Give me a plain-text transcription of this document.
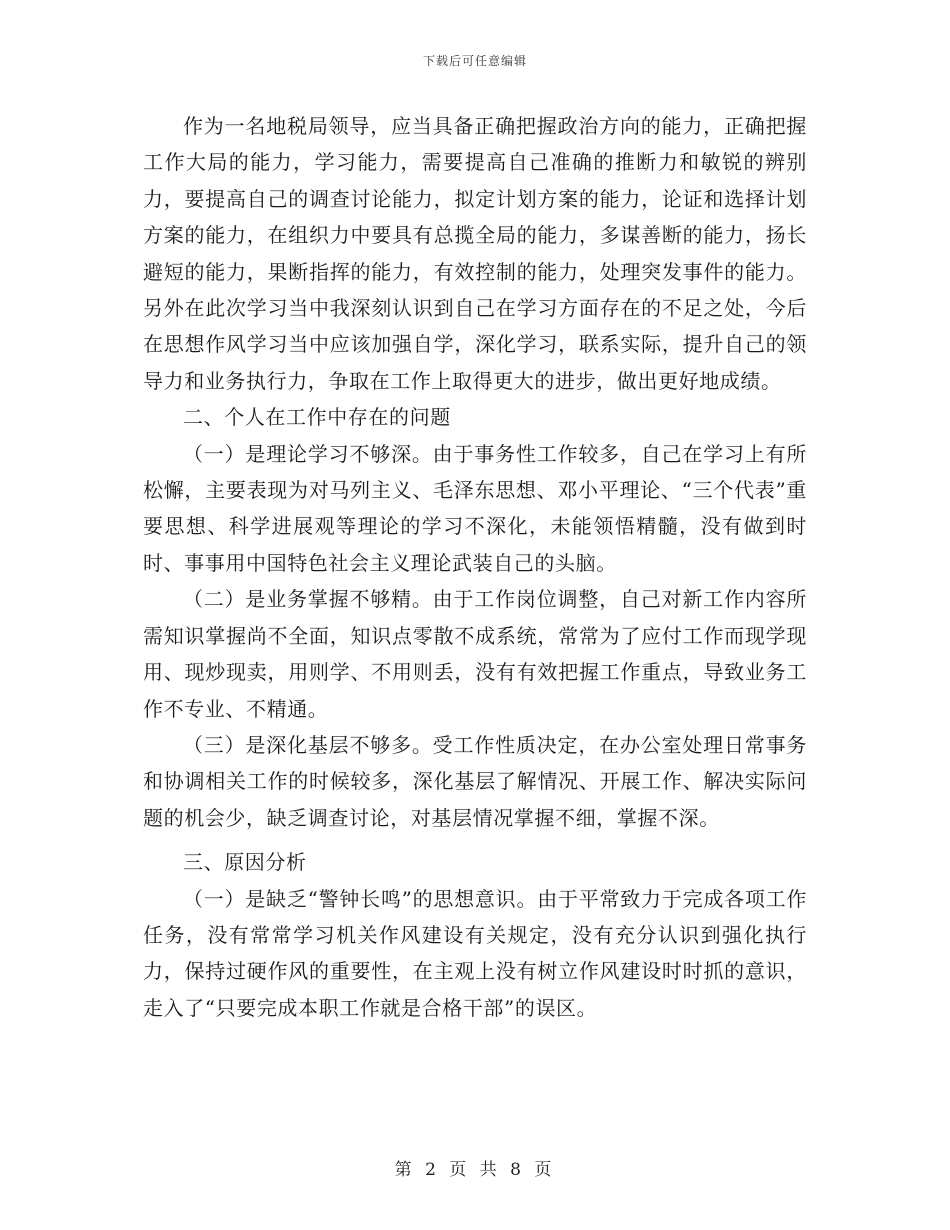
下载后可任意编辑

作为一名地税局领导，应当具备正确把握政治方向的能力，正确把握工作大局的能力，学习能力，需要提高自己准确的推断力和敏锐的辨别力，要提高自己的调查讨论能力，拟定计划方案的能力，论证和选择计划方案的能力，在组织力中要具有总揽全局的能力，多谋善断的能力，扬长避短的能力，果断指挥的能力，有效控制的能力，处理突发事件的能力。另外在此次学习当中我深刻认识到自己在学习方面存在的不足之处，今后在思想作风学习当中应该加强自学，深化学习，联系实际，提升自己的领导力和业务执行力，争取在工作上取得更大的进步，做出更好地成绩。

二、个人在工作中存在的问题

（一）是理论学习不够深。由于事务性工作较多，自己在学习上有所松懈，主要表现为对马列主义、毛泽东思想、邓小平理论、“三个代表”重要思想、科学进展观等理论的学习不深化，未能领悟精髓，没有做到时时、事事用中国特色社会主义理论武装自己的头脑。

（二）是业务掌握不够精。由于工作岗位调整，自己对新工作内容所需知识掌握尚不全面，知识点零散不成系统，常常为了应付工作而现学现用、现炒现卖，用则学、不用则丢，没有有效把握工作重点，导致业务工作不专业、不精通。

（三）是深化基层不够多。受工作性质决定，在办公室处理日常事务和协调相关工作的时候较多，深化基层了解情况、开展工作、解决实际问题的机会少，缺乏调查讨论，对基层情况掌握不细，掌握不深。

三、原因分析

（一）是缺乏“警钟长鸣”的思想意识。由于平常致力于完成各项工作任务，没有常常学习机关作风建设有关规定，没有充分认识到强化执行力，保持过硬作风的重要性，在主观上没有树立作风建设时时抓的意识，走入了“只要完成本职工作就是合格干部”的误区。

第 2 页 共 8 页
